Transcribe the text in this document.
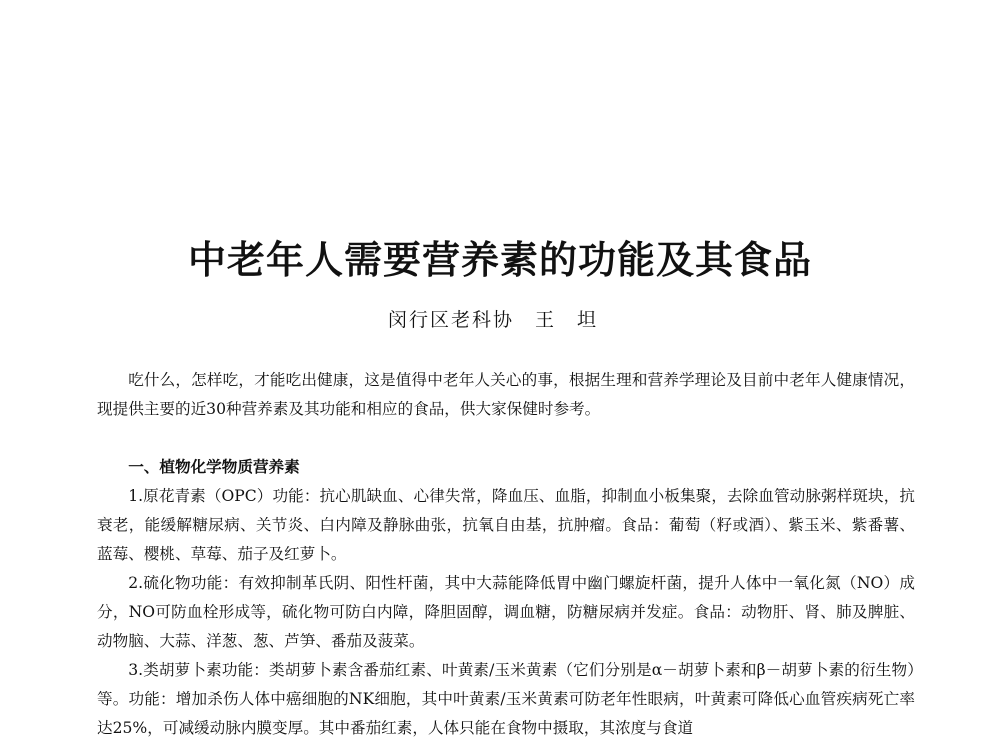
中老年人需要营养素的功能及其食品
闵行区老科协　王　坦

吃什么，怎样吃，才能吃出健康，这是值得中老年人关心的事，根据生理和营养学理论及目前中老年人健康情况，现提供主要的近30种营养素及其功能和相应的食品，供大家保健时参考。

一、植物化学物质营养素

1.原花青素（OPC）功能：抗心肌缺血、心律失常，降血压、血脂，抑制血小板集聚，去除血管动脉粥样斑块，抗衰老，能缓解糖尿病、关节炎、白内障及静脉曲张，抗氧自由基，抗肿瘤。食品：葡萄（籽或酒）、紫玉米、紫番薯、蓝莓、樱桃、草莓、茄子及红萝卜。

2.硫化物功能：有效抑制革氏阴、阳性杆菌，其中大蒜能降低胃中幽门螺旋杆菌，提升人体中一氧化氮（NO）成分，NO可防血栓形成等，硫化物可防白内障，降胆固醇，调血糖，防糖尿病并发症。食品：动物肝、肾、肺及脾脏、动物脑、大蒜、洋葱、葱、芦笋、番茄及菠菜。

3.类胡萝卜素功能：类胡萝卜素含番茄红素、叶黄素/玉米黄素（它们分别是α－胡萝卜素和β－胡萝卜素的衍生物）等。功能：增加杀伤人体中癌细胞的NK细胞，其中叶黄素/玉米黄素可防老年性眼病，叶黄素可降低心血管疾病死亡率达25%，可减缓动脉内膜变厚。其中番茄红素，人体只能在食物中摄取，其浓度与食道
